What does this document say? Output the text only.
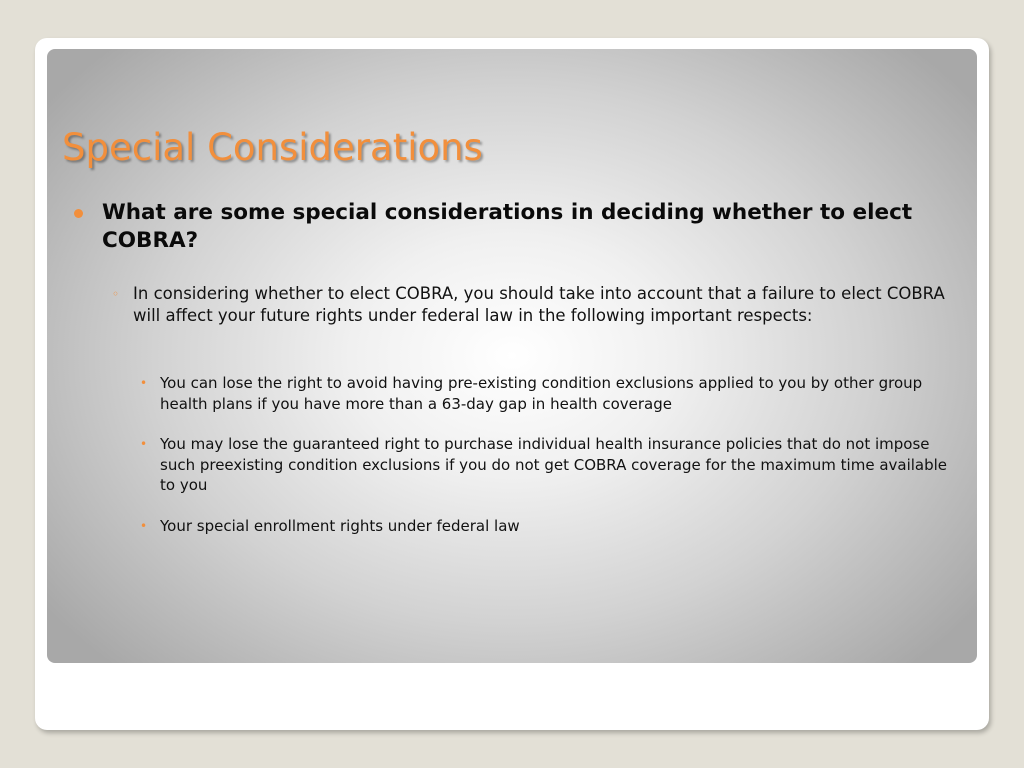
Special Considerations
What are some special considerations in deciding whether to elect COBRA?
◦ In considering whether to elect COBRA, you should take into account that a failure to elect COBRA will affect your future rights under federal law in the following important respects:
• You can lose the right to avoid having pre-existing condition exclusions applied to you by other group health plans if you have more than a 63-day gap in health coverage
• You may lose the guaranteed right to purchase individual health insurance policies that do not impose such preexisting condition exclusions if you do not get COBRA coverage for the maximum time available to you
• Your special enrollment rights under federal law
